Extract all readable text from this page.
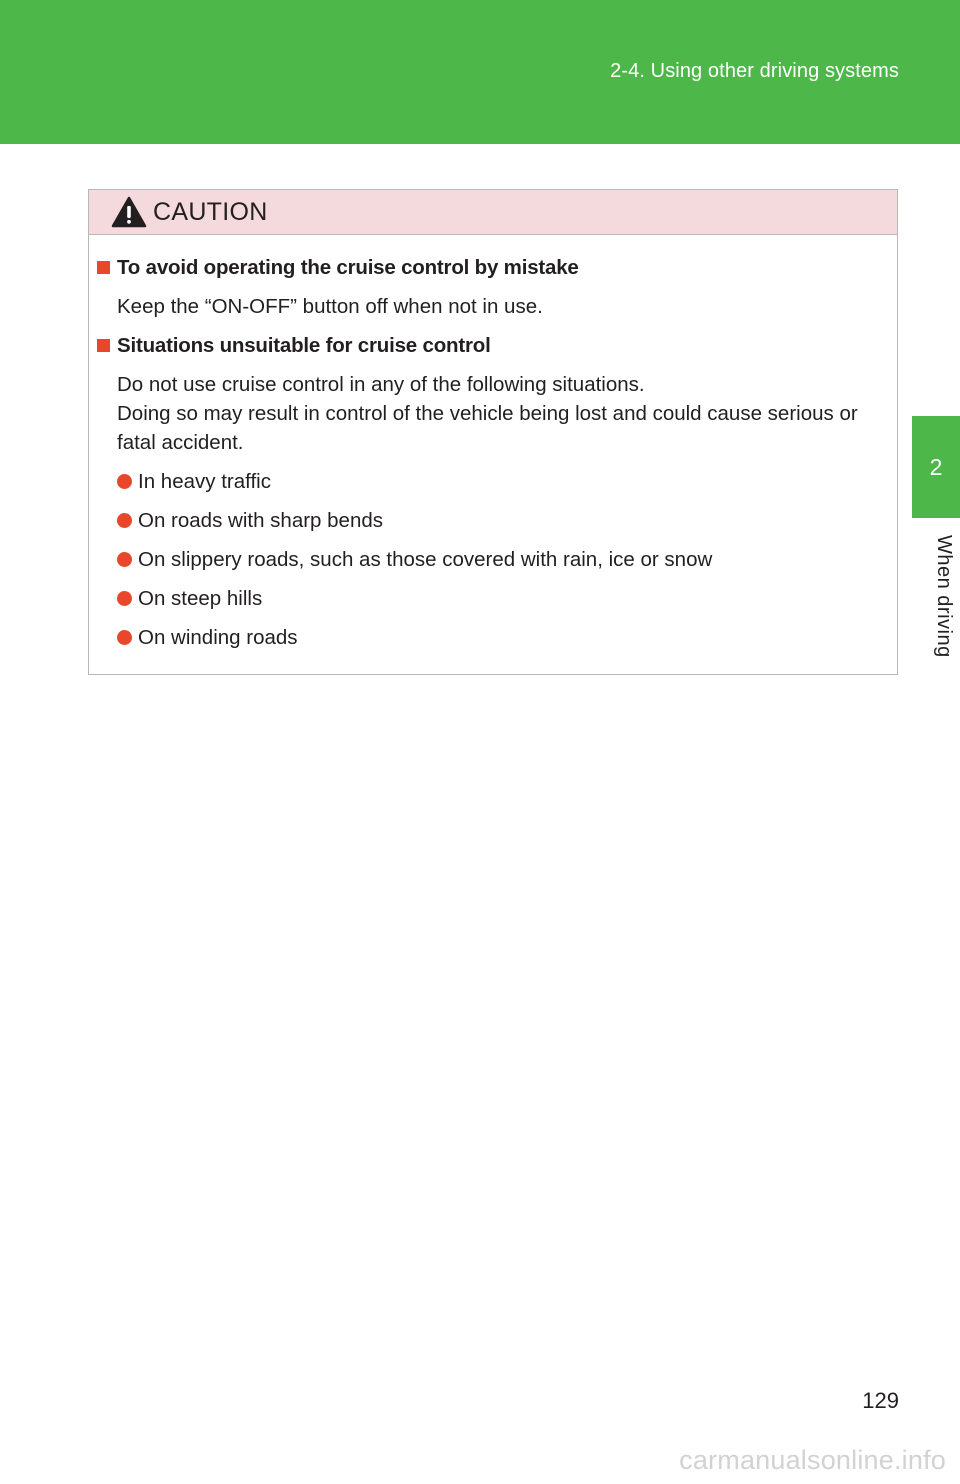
2-4. Using other driving systems
2
When driving
CAUTION
To avoid operating the cruise control by mistake

Keep the “ON-OFF” button off when not in use.

Situations unsuitable for cruise control

Do not use cruise control in any of the following situations.

Doing so may result in control of the vehicle being lost and could cause serious or fatal accident.

In heavy traffic
On roads with sharp bends
On slippery roads, such as those covered with rain, ice or snow
On steep hills
On winding roads
129
carmanualsonline.info
